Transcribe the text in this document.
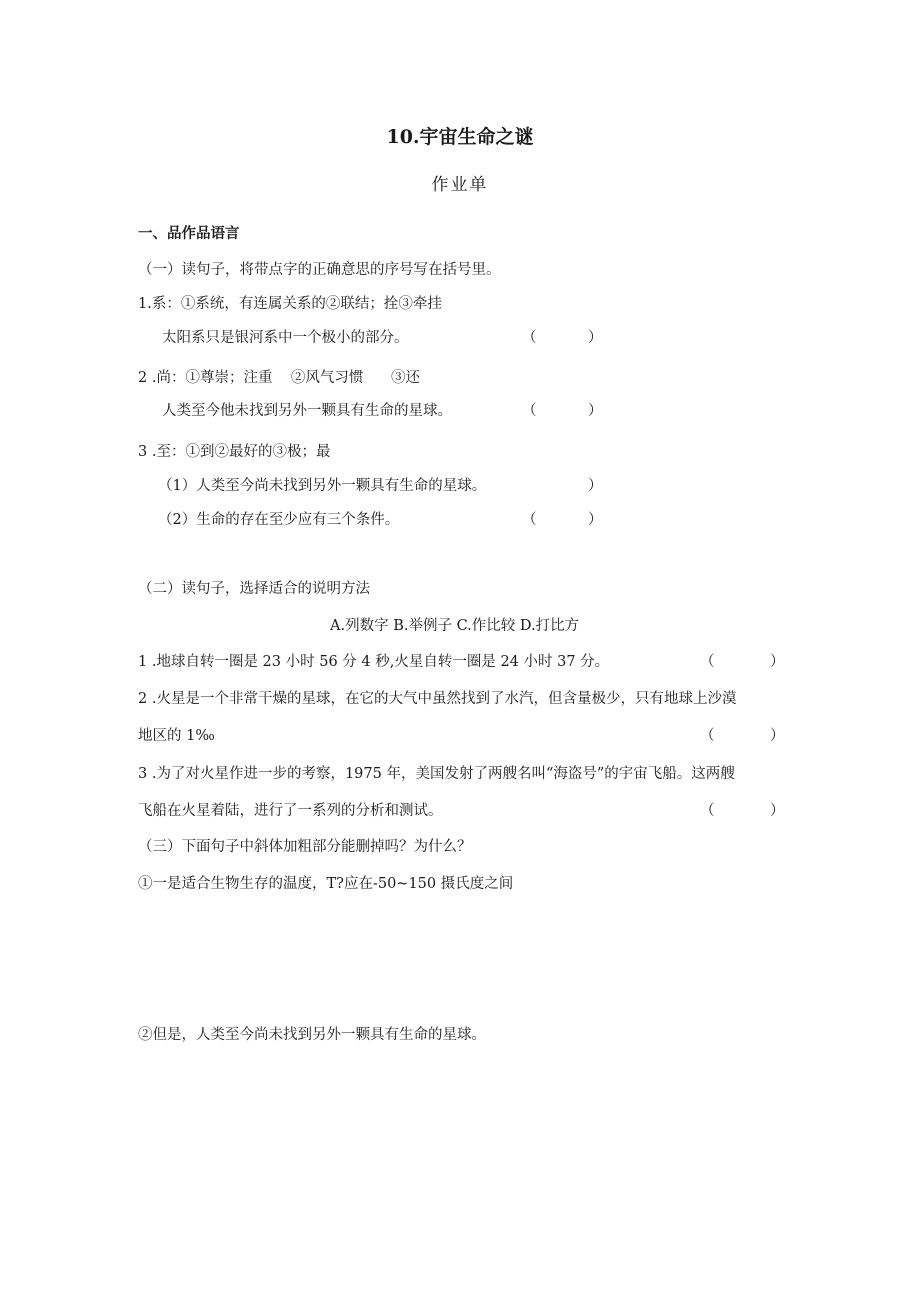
10.宇宙生命之谜
作业单
一、品作品语言
（一）读句子，将带点字的正确意思的序号写在括号里。
1.系：①系统，有连属关系的②联结；拴③牵挂
太阳系只是银河系中一个极小的部分。	（	）
2 .尚：①尊崇；注重    ②风气习惯      ③还
人类至今他未找到另外一颗具有生命的星球。	（	）
3 .至：①到②最好的③极；最
（1）人类至今尚未找到另外一颗具有生命的星球。	）
（2）生命的存在至少应有三个条件。	（	）
（二）读句子，选择适合的说明方法
A.列数字 B.举例子 C.作比较 D.打比方
1 .地球自转一圈是 23 小时 56 分 4 秒,火星自转一圈是 24 小时 37 分。	（	）
2 .火星是一个非常干燥的星球，在它的大气中虽然找到了水汽，但含量极少，只有地球上沙漠
地区的 1‰	（	）
3 .为了对火星作进一步的考察，1975 年，美国发射了两艘名叫“海盗号”的宇宙飞船。这两艘
飞船在火星着陆，进行了一系列的分析和测试。	（	）
（三）下面句子中斜体加粗部分能删掉吗？为什么？
①一是适合生物生存的温度，T?应在-50~150 摄氏度之间
②但是，人类至今尚未找到另外一颗具有生命的星球。
